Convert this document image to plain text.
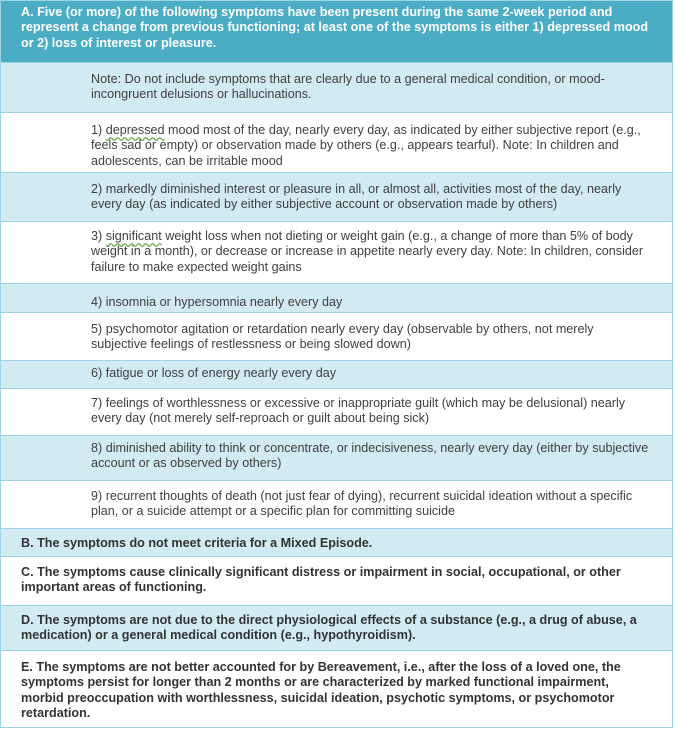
A. Five (or more) of the following symptoms have been present during the same 2-week period and represent a change from previous functioning; at least one of the symptoms is either 1) depressed mood or 2) loss of interest or pleasure.
Note: Do not include symptoms that are clearly due to a general medical condition, or mood-incongruent delusions or hallucinations.
1) depressed mood most of the day, nearly every day, as indicated by either subjective report (e.g., feels sad or empty) or observation made by others (e.g., appears tearful). Note: In children and adolescents, can be irritable mood
2) markedly diminished interest or pleasure in all, or almost all, activities most of the day, nearly every day (as indicated by either subjective account or observation made by others)
3) significant weight loss when not dieting or weight gain (e.g., a change of more than 5% of body weight in a month), or decrease or increase in appetite nearly every day. Note: In children, consider failure to make expected weight gains
4) insomnia or hypersomnia nearly every day
5) psychomotor agitation or retardation nearly every day (observable by others, not merely subjective feelings of restlessness or being slowed down)
6) fatigue or loss of energy nearly every day
7) feelings of worthlessness or excessive or inappropriate guilt (which may be delusional) nearly every day (not merely self-reproach or guilt about being sick)
8) diminished ability to think or concentrate, or indecisiveness, nearly every day (either by subjective account or as observed by others)
9) recurrent thoughts of death (not just fear of dying), recurrent suicidal ideation without a specific plan, or a suicide attempt or a specific plan for committing suicide
B. The symptoms do not meet criteria for a Mixed Episode.
C. The symptoms cause clinically significant distress or impairment in social, occupational, or other important areas of functioning.
D. The symptoms are not due to the direct physiological effects of a substance (e.g., a drug of abuse, a medication) or a general medical condition (e.g., hypothyroidism).
E. The symptoms are not better accounted for by Bereavement, i.e., after the loss of a loved one, the symptoms persist for longer than 2 months or are characterized by marked functional impairment, morbid preoccupation with worthlessness, suicidal ideation, psychotic symptoms, or psychomotor retardation.
